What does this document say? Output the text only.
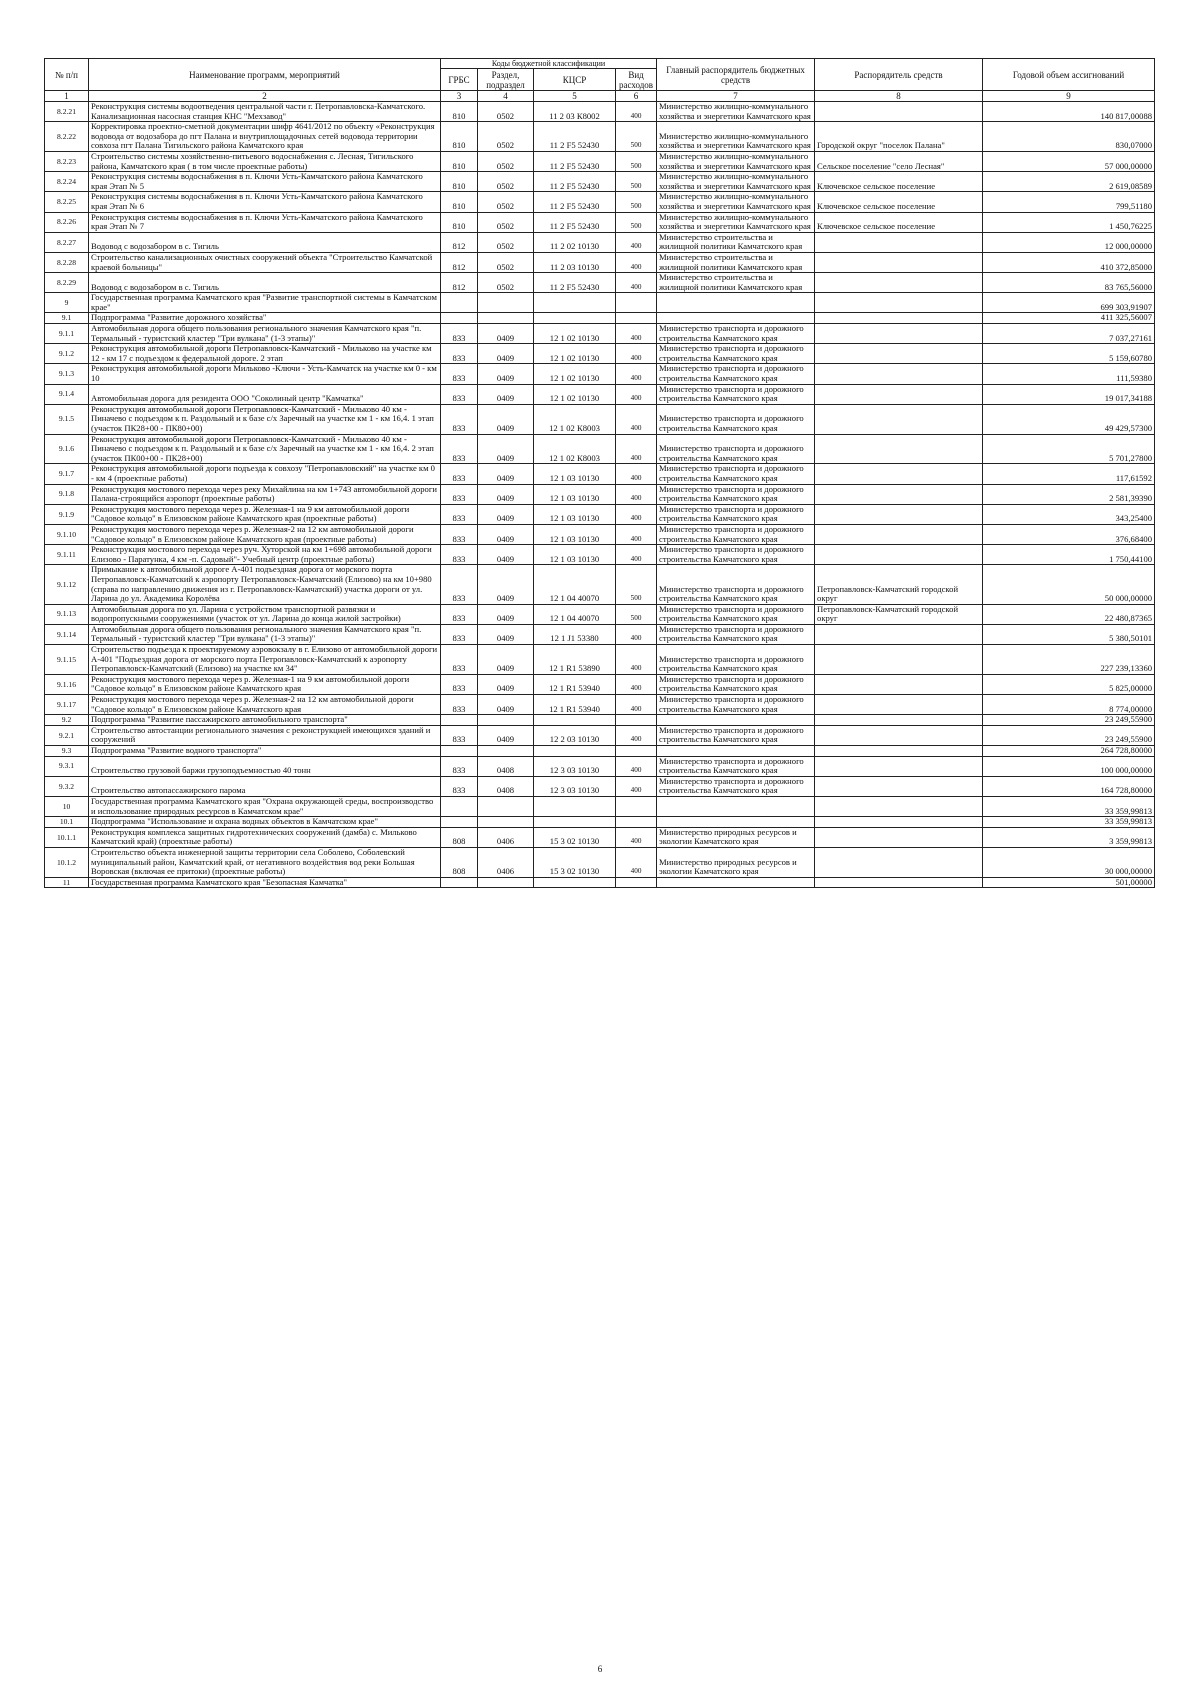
№ п/п	Наименование программ, мероприятий	Коды бюджетной классификации				Главный распорядитель бюджетных средств	Распорядитель средств	Годовой объем ассигнований
		ГРБС	Раздел, подраздел	КЦСР	Вид расходов			
1	2	3	4	5	6	7	8	9
8.2.21	Реконструкция системы водоотведения центральной части г. Петропавловска-Камчатского. Канализационная насосная станция КНС "Мехзавод"	810	0502	11 2 03 К8002	400	Министерство жилищно-коммунального хозяйства и энергетики Камчатского края		140 817,00088
8.2.22	Корректировка проектно-сметной документации шифр 4641/2012 по объекту «Реконструкция водовода от водозабора до пгт Палана и внутриплощадочных сетей водовода территории совхоза пгт Палана Тигильского района Камчатского края	810	0502	11 2 F5 52430	500	Министерство жилищно-коммунального хозяйства и энергетики Камчатского края	Городской округ "поселок Палана"	830,07000
8.2.23	Строительство системы хозяйственно-питьевого водоснабжения с. Лесная, Тигильского района, Камчатского края ( в том числе проектные работы)	810	0502	11 2 F5 52430	500	Министерство жилищно-коммунального хозяйства и энергетики Камчатского края	Сельское поселение "село Лесная"	57 000,00000
8.2.24	Реконструкция системы водоснабжения в п. Ключи Усть-Камчатского района Камчатского края Этап № 5	810	0502	11 2 F5 52430	500	Министерство жилищно-коммунального хозяйства и энергетики Камчатского края	Ключевское сельское поселение	2 619,08589
8.2.25	Реконструкция системы водоснабжения в п. Ключи Усть-Камчатского района Камчатского края Этап № 6	810	0502	11 2 F5 52430	500	Министерство жилищно-коммунального хозяйства и энергетики Камчатского края	Ключевское сельское поселение	799,51180
8.2.26	Реконструкция системы водоснабжения в п. Ключи Усть-Камчатского района Камчатского края Этап № 7	810	0502	11 2 F5 52430	500	Министерство жилищно-коммунального хозяйства и энергетики Камчатского края	Ключевское сельское поселение	1 450,76225
8.2.27	Водовод с водозабором в с. Тигиль	812	0502	11 2 02 10130	400	Министерство строительства и жилищной политики Камчатского края		12 000,00000
8.2.28	Строительство канализационных очистных сооружений объекта "Строительство Камчатской краевой больницы"	812	0502	11 2 03 10130	400	Министерство строительства и жилищной политики Камчатского края		410 372,85000
8.2.29	Водовод с водозабором в с. Тигиль	812	0502	11 2 F5 52430	400	Министерство строительства и жилищной политики Камчатского края		83 765,56000
9	Государственная программа Камчатского края "Развитие транспортной системы в Камчатском крае"							699 303,91907
9.1	Подпрограмма "Развитие дорожного хозяйства"							411 325,56007
9.1.1	Автомобильная дорога общего пользования регионального значения Камчатского края "п. Термальный - туристский кластер "Три вулкана" (1-3 этапы)"	833	0409	12 1 02 10130	400	Министерство транспорта и дорожного строительства Камчатского края		7 037,27161
9.1.2	Реконструкция автомобильной дороги Петропавловск-Камчатский - Мильково на участке км 12 - км 17 с подъездом к федеральной дороге. 2 этап	833	0409	12 1 02 10130	400	Министерство транспорта и дорожного строительства Камчатского края		5 159,60780
9.1.3	Реконструкция автомобильной дороги Мильково -Ключи - Усть-Камчатск на участке км 0 - км 10	833	0409	12 1 02 10130	400	Министерство транспорта и дорожного строительства Камчатского края		111,59380
9.1.4	Автомобильная дорога для резидента ООО "Соколиный центр "Камчатка"	833	0409	12 1 02 10130	400	Министерство транспорта и дорожного строительства Камчатского края		19 017,34188
9.1.5	Реконструкция автомобильной дороги Петропавловск-Камчатский - Мильково 40 км - Пиначево с подъездом к п. Раздольный и к базе с/х Заречный на участке км 1 - км 16,4. 1 этап (участок ПК28+00 - ПК80+00)	833	0409	12 1 02 К8003	400	Министерство транспорта и дорожного строительства Камчатского края		49 429,57300
9.1.6	Реконструкция автомобильной дороги Петропавловск-Камчатский - Мильково 40 км - Пиначево с подъездом к п. Раздольный и к базе с/х Заречный на участке км 1 - км 16,4. 2 этап (участок ПК00+00 - ПК28+00)	833	0409	12 1 02 К8003	400	Министерство транспорта и дорожного строительства Камчатского края		5 701,27800
9.1.7	Реконструкция автомобильной дороги подъезда к совхозу "Петропавловский" на участке км 0 - км 4 (проектные работы)	833	0409	12 1 03 10130	400	Министерство транспорта и дорожного строительства Камчатского края		117,61592
9.1.8	Реконструкция мостового перехода через реку Михайлина на км 1+743 автомобильной дороги Палана-строящийся аэропорт (проектные работы)	833	0409	12 1 03 10130	400	Министерство транспорта и дорожного строительства Камчатского края		2 581,39390
9.1.9	Реконструкция мостового перехода через р. Железная-1 на 9 км автомобильной дороги "Садовое кольцо" в Елизовском районе Камчатского края (проектные работы)	833	0409	12 1 03 10130	400	Министерство транспорта и дорожного строительства Камчатского края		343,25400
9.1.10	Реконструкция мостового перехода через р. Железная-2 на 12 км автомобильной дороги "Садовое кольцо" в Елизовском районе Камчатского края (проектные работы)	833	0409	12 1 03 10130	400	Министерство транспорта и дорожного строительства Камчатского края		376,68400
9.1.11	Реконструкция мостового перехода через руч. Хуторской на км 1+698 автомобильной дороги Елизово - Паратунка, 4 км -п. Садовый"- Учебный центр (проектные работы)	833	0409	12 1 03 10130	400	Министерство транспорта и дорожного строительства Камчатского края		1 750,44100
9.1.12	Примыкание к автомобильной дороге А-401 подъездная дорога от морского порта Петропавловск-Камчатский к аэропорту Петропавловск-Камчатский (Елизово) на км 10+980 (справа по направлению движения из г. Петропавловск-Камчатский) участка дороги от ул. Ларина до ул. Академика Королёва	833	0409	12 1 04 40070	500	Министерство транспорта и дорожного строительства Камчатского края	Петропавловск-Камчатский городской округ	50 000,00000
9.1.13	Автомобильная дорога по ул. Ларина с устройством транспортной развязки и водопропускными сооружениями (участок от ул. Ларина до конца жилой застройки)	833	0409	12 1 04 40070	500	Министерство транспорта и дорожного строительства Камчатского края	Петропавловск-Камчатский городской округ	22 480,87365
9.1.14	Автомобильная дорога общего пользования регионального значения Камчатского края "п. Термальный - туристский кластер "Три вулкана" (1-3 этапы)"	833	0409	12 1 J1 53380	400	Министерство транспорта и дорожного строительства Камчатского края		5 380,50101
9.1.15	Строительство подъезда к проектируемому аэровокзалу в г. Елизово от автомобильной дороги А-401 "Подъездная дорога от морского порта Петропавловск-Камчатский к аэропорту Петропавловск-Камчатский (Елизово) на участке км 34"	833	0409	12 1 R1 53890	400	Министерство транспорта и дорожного строительства Камчатского края		227 239,13360
9.1.16	Реконструкция мостового перехода через р. Железная-1 на 9 км автомобильной дороги "Садовое кольцо" в Елизовском районе Камчатского края	833	0409	12 1 R1 53940	400	Министерство транспорта и дорожного строительства Камчатского края		5 825,00000
9.1.17	Реконструкция мостового перехода через р. Железная-2 на 12 км автомобильной дороги "Садовое кольцо" в Елизовском районе Камчатского края	833	0409	12 1 R1 53940	400	Министерство транспорта и дорожного строительства Камчатского края		8 774,00000
9.2	Подпрограмма "Развитие пассажирского автомобильного транспорта"							23 249,55900
9.2.1	Строительство автостанции регионального значения с реконструкцией имеющихся зданий и сооружений	833	0409	12 2 03 10130	400	Министерство транспорта и дорожного строительства Камчатского края		23 249,55900
9.3	Подпрограмма "Развитие водного транспорта"							264 728,80000
9.3.1	Строительство грузовой баржи грузоподъемностью 40 тонн	833	0408	12 3 03 10130	400	Министерство транспорта и дорожного строительства Камчатского края		100 000,00000
9.3.2	Строительство автопассажирского парома	833	0408	12 3 03 10130	400	Министерство транспорта и дорожного строительства Камчатского края		164 728,80000
10	Государственная программа Камчатского края "Охрана окружающей среды, воспроизводство и использование природных ресурсов в Камчатском крае"							33 359,99813
10.1	Подпрограмма "Использование и охрана водных объектов в Камчатском крае"							33 359,99813
10.1.1	Реконструкция комплекса защитных гидротехнических сооружений (дамба) с. Мильково Камчатский край) (проектные работы)	808	0406	15 3 02 10130	400	Министерство природных ресурсов и экологии Камчатского края		3 359,99813
10.1.2	Строительство объекта инженерной защиты территории села Соболево, Соболевский муниципальный район, Камчатский край, от негативного воздействия вод реки Большая Воровская (включая ее притоки) (проектные работы)	808	0406	15 3 02 10130	400	Министерство природных ресурсов и экологии Камчатского края		30 000,00000
11	Государственная программа Камчатского края "Безопасная Камчатка"							501,00000
6
